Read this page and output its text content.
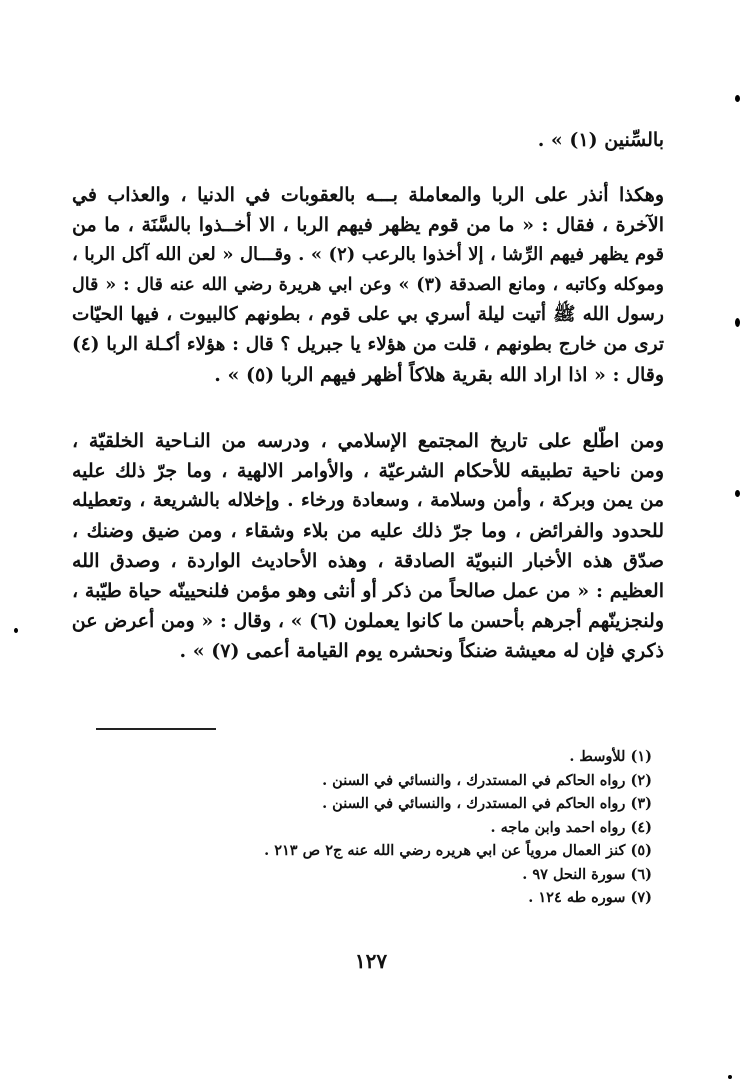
بالسِّنين (١) » .
وهكذا أنذر على الربا والمعاملة بـــه بالعقوبات في الدنيا ، والعذاب في
الآخرة ، فقال : « ما من قوم يظهر فيهم الربا ، الا أخــذوا بالسَّنَة ، ما من
قوم يظهر فيهم الرِّشا ، إلا أخذوا بالرعب (٢) » . وقـــال « لعن الله آكل الربا ،
وموكله وكاتبه ، ومانع الصدقة (٣) » وعن ابي هريرة رضي الله عنه قال : « قال
رسول الله ﷺ أتيت ليلة أسري بي على قوم ، بطونهم كالبيوت ، فيها الحيّات
ترى من خارج بطونهم ، قلت من هؤلاء يا جبريل ؟ قال : هؤلاء أكـلة الربا (٤)
وقال : « اذا اراد الله بقرية هلاكاً أظهر فيهم الربا (٥) » .
ومن اطّلع على تاريخ المجتمع الإسلامي ، ودرسه من النـاحية الخلقيّة ،
ومن ناحية تطبيقه للأحكام الشرعيّة ، والأوامر الالهية ، وما جرّ ذلك عليه
من يمن وبركة ، وأمن وسلامة ، وسعادة ورخاء . وإخلاله بالشريعة ، وتعطيله
للحدود والفرائض ، وما جرّ ذلك عليه من بلاء وشقاء ، ومن ضيق وضنك ،
صدّق هذه الأخبار النبويّة الصادقة ، وهذه الأحاديث الواردة ، وصدق الله
العظيم : « من عمل صالحاً من ذكر أو أنثى وهو مؤمن فلنحيينّه حياة طيّبة ،
ولنجزينّهم أجرهم بأحسن ما كانوا يعملون (٦) » ، وقال : « ومن أعرض عن
ذكري فإن له معيشة ضنكاً ونحشره يوم القيامة أعمى (٧) » .
(١) للأوسط .
(٢) رواه الحاكم في المستدرك ، والنسائي في السنن .
(٣) رواه الحاكم في المستدرك ، والنسائي في السنن .
(٤) رواه احمد وابن ماجه .
(٥) كنز العمال مروياً عن ابي هريره رضي الله عنه ج٢ ص ٢١٣ .
(٦) سورة النحل ٩٧ .
(٧) سوره طه ١٢٤ .
١٢٧
